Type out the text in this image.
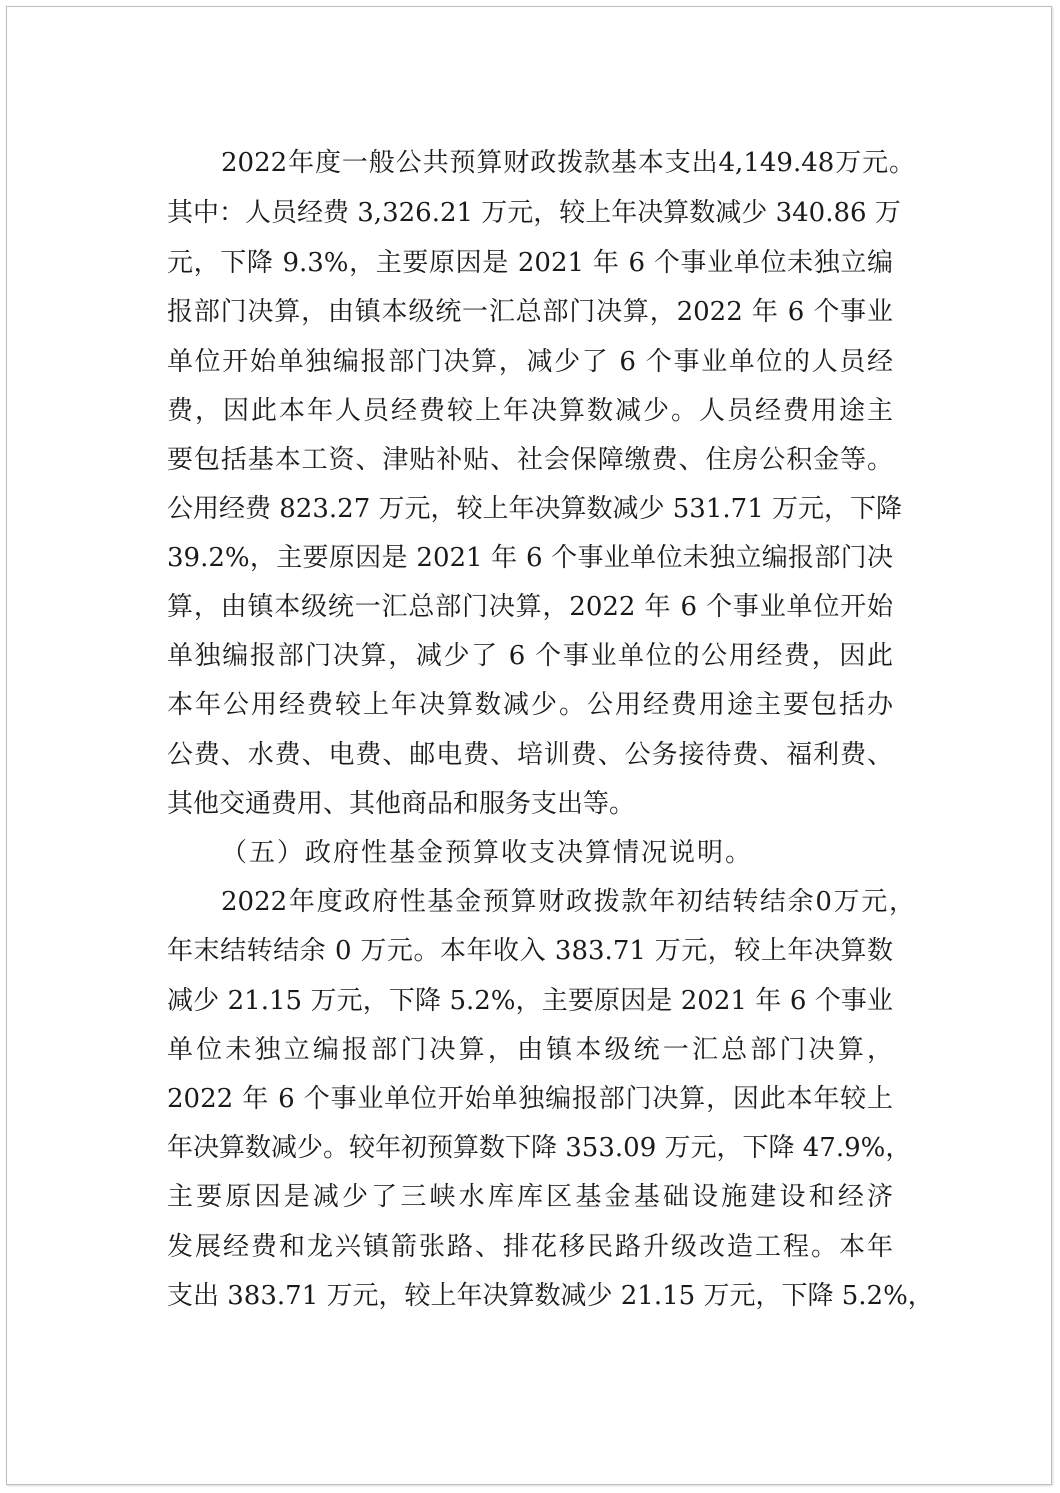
2022年度一般公共预算财政拨款基本支出4,149.48万元。
其中：人员经费 3,326.21 万元，较上年决算数减少 340.86 万
元，下降 9.3%，主要原因是 2021 年 6 个事业单位未独立编
报部门决算，由镇本级统一汇总部门决算，2022 年 6 个事业
单位开始单独编报部门决算，减少了 6 个事业单位的人员经
费，因此本年人员经费较上年决算数减少。人员经费用途主
要包括基本工资、津贴补贴、社会保障缴费、住房公积金等。
公用经费 823.27 万元，较上年决算数减少 531.71 万元，下降
39.2%，主要原因是 2021 年 6 个事业单位未独立编报部门决
算，由镇本级统一汇总部门决算，2022 年 6 个事业单位开始
单独编报部门决算，减少了 6 个事业单位的公用经费，因此
本年公用经费较上年决算数减少。公用经费用途主要包括办
公费、水费、电费、邮电费、培训费、公务接待费、福利费、
其他交通费用、其他商品和服务支出等。
（五）政府性基金预算收支决算情况说明。
2022年度政府性基金预算财政拨款年初结转结余0万元，
年末结转结余 0 万元。本年收入 383.71 万元，较上年决算数
减少 21.15 万元，下降 5.2%，主要原因是 2021 年 6 个事业
单位未独立编报部门决算，由镇本级统一汇总部门决算，
2022 年 6 个事业单位开始单独编报部门决算，因此本年较上
年决算数减少。较年初预算数下降 353.09 万元，下降 47.9%，
主要原因是减少了三峡水库库区基金基础设施建设和经济
发展经费和龙兴镇箭张路、排花移民路升级改造工程。本年
支出 383.71 万元，较上年决算数减少 21.15 万元，下降 5.2%，
